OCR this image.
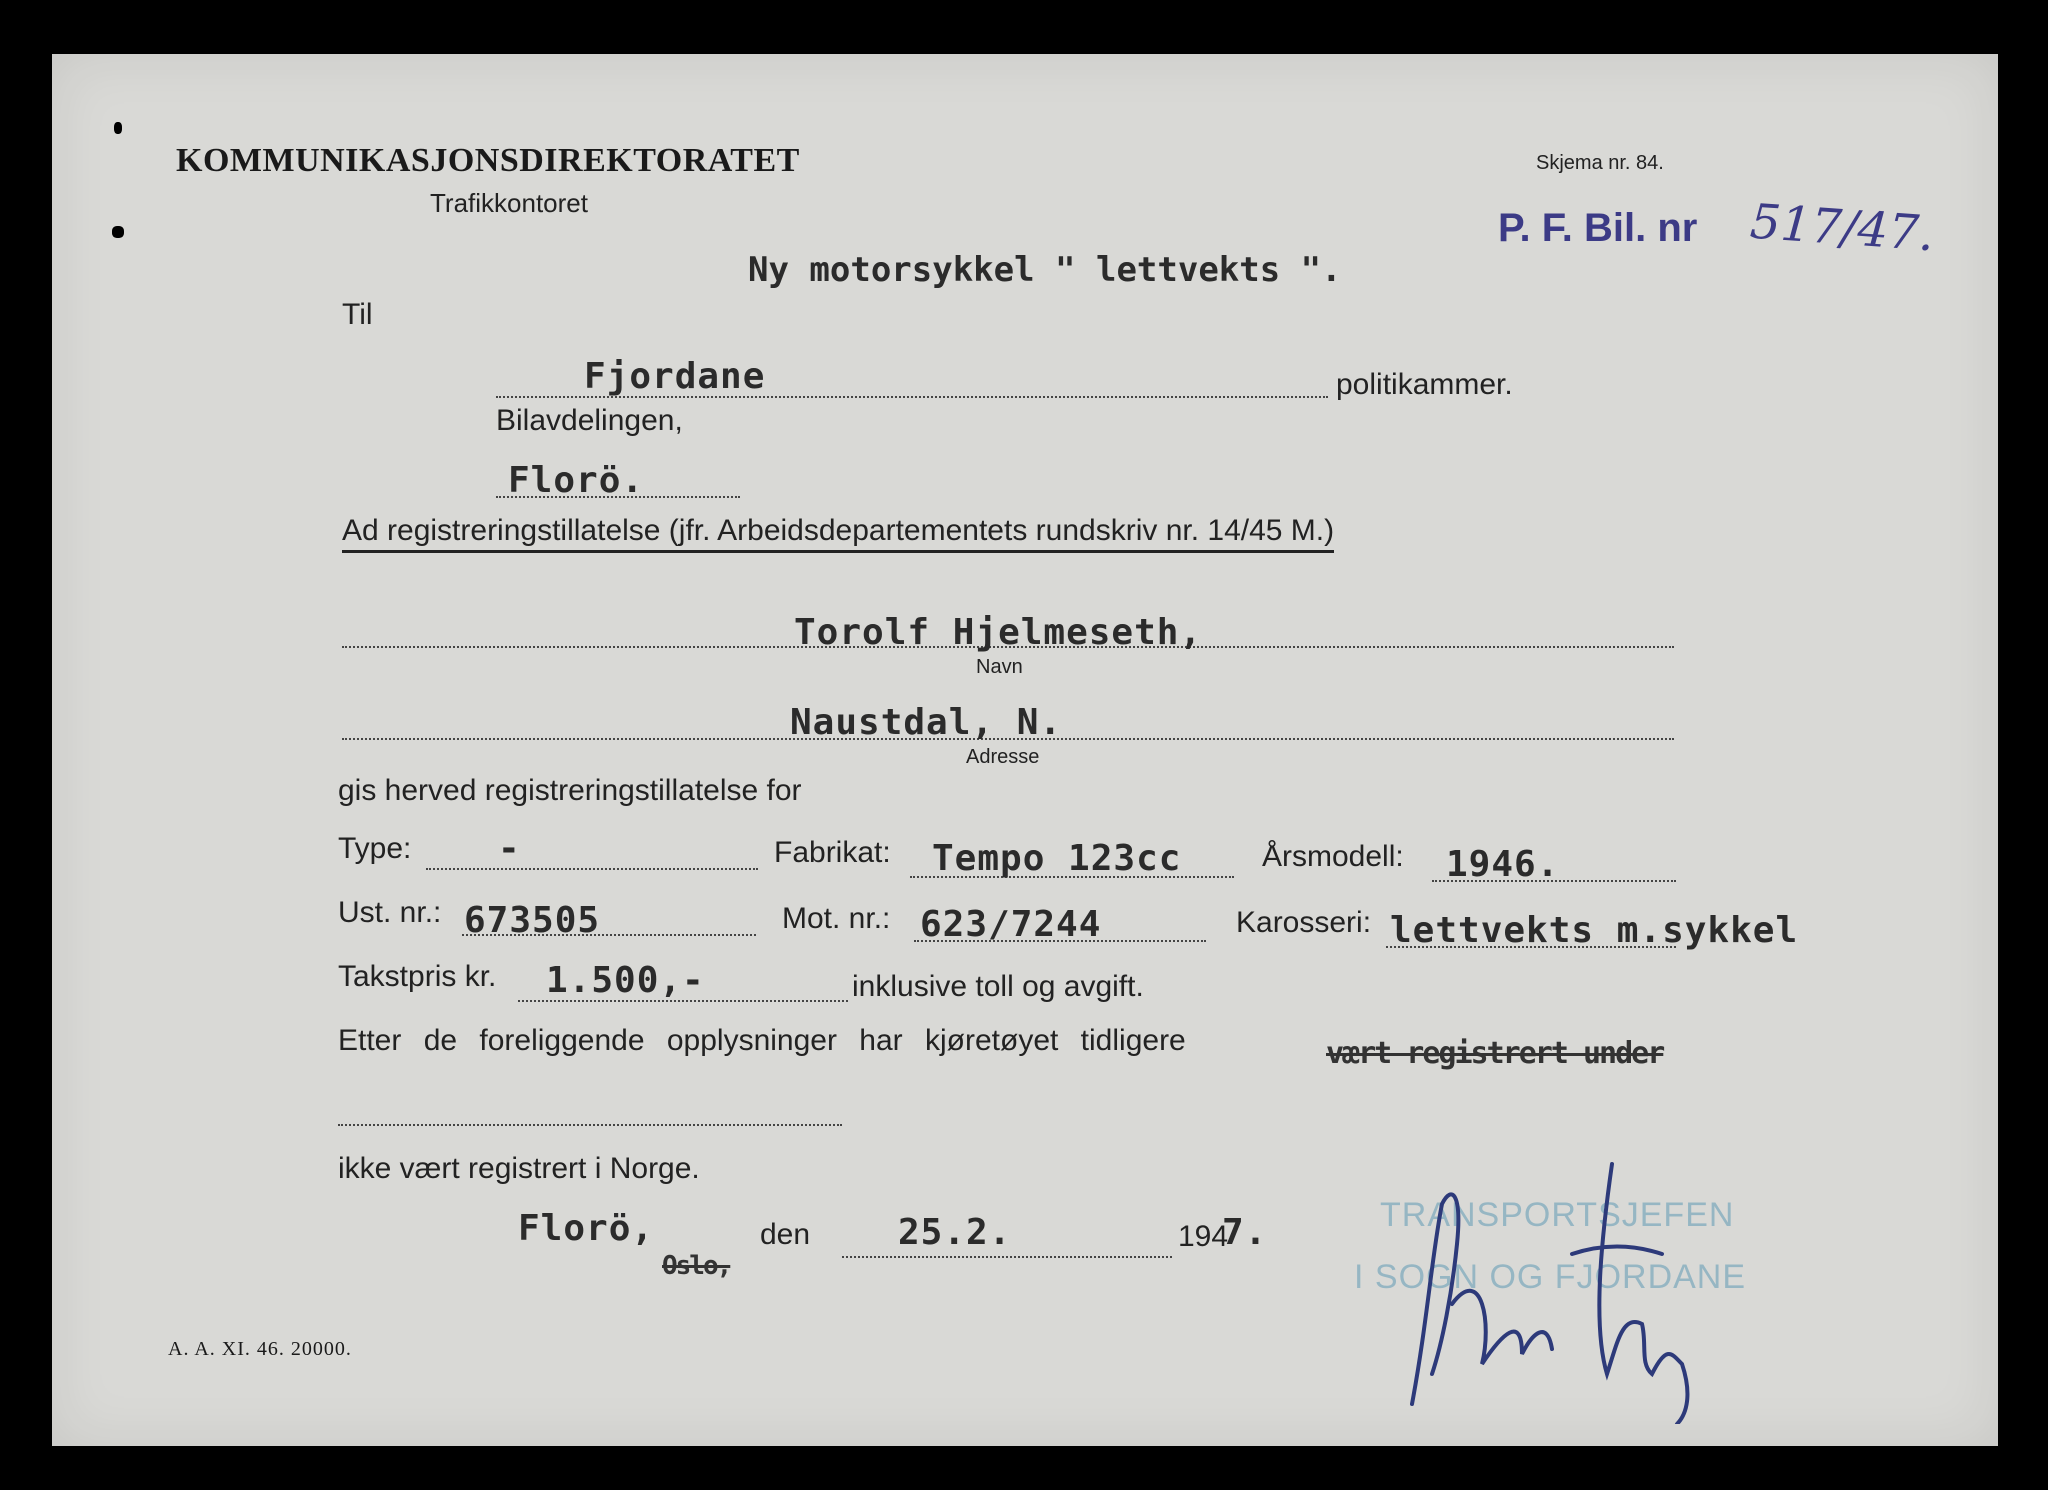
KOMMUNIKASJONSDIREKTORATET
Trafikkontoret
Skjema nr. 84.
P. F. Bil. nr 517/47.
Ny motorsykkel " lettvekts ".
Til
Fjordane	politikammer.
Bilavdelingen,
Florö.
Ad registreringstillatelse (jfr. Arbeidsdepartementets rundskriv nr. 14/45 M.)
Torolf Hjelmeseth,
Navn
Naustdal, N.
Adresse
gis herved registreringstillatelse for
Type: -	Fabrikat: Tempo 123cc	Årsmodell: 1946.
Ust. nr.: 673505	Mot. nr.: 623/7244	Karosseri: lettvekts m.sykkel
Takstpris kr. 1.500,-	inklusive toll og avgift.
Etter de foreliggende opplysninger har kjøretøyet tidligere	vært registrert under
ikke vært registrert i Norge.
Florö,
Oslo,
den 25.2.	194
7.	TRANSPORTSJEFEN
I SOGN OG FJORDANE
A. A. XI. 46. 20000.
